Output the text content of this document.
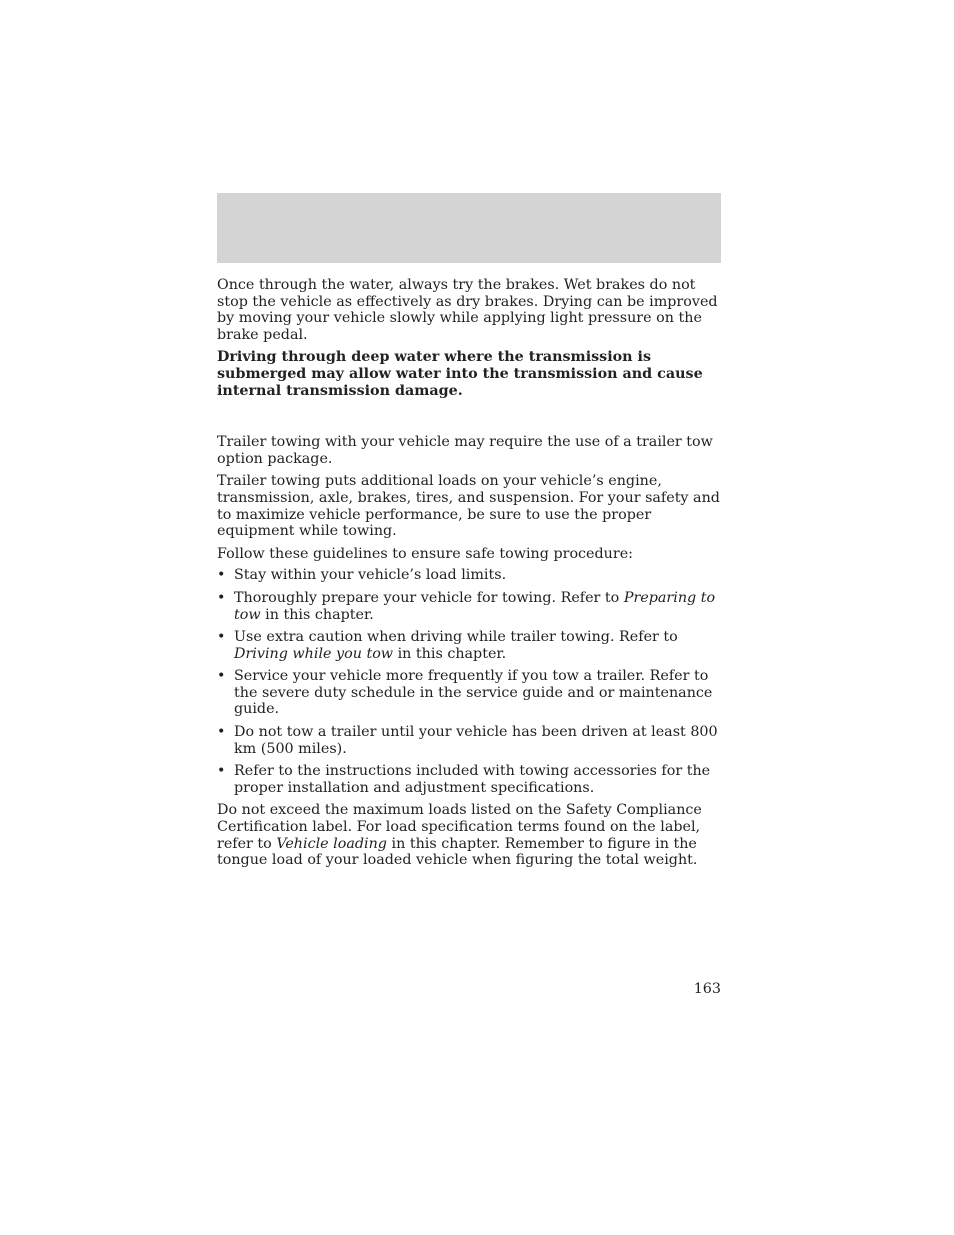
Once through the water, always try the brakes. Wet brakes do not stop the vehicle as effectively as dry brakes. Drying can be improved by moving your vehicle slowly while applying light pressure on the brake pedal.

Driving through deep water where the transmission is submerged may allow water into the transmission and cause internal transmission damage.

Trailer towing with your vehicle may require the use of a trailer tow option package.

Trailer towing puts additional loads on your vehicle’s engine, transmission, axle, brakes, tires, and suspension. For your safety and to maximize vehicle performance, be sure to use the proper equipment while towing.

Follow these guidelines to ensure safe towing procedure:

• Stay within your vehicle’s load limits.
• Thoroughly prepare your vehicle for towing. Refer to Preparing to tow in this chapter.
• Use extra caution when driving while trailer towing. Refer to Driving while you tow in this chapter.
• Service your vehicle more frequently if you tow a trailer. Refer to the severe duty schedule in the service guide and or maintenance guide.
• Do not tow a trailer until your vehicle has been driven at least 800 km (500 miles).
• Refer to the instructions included with towing accessories for the proper installation and adjustment specifications.

Do not exceed the maximum loads listed on the Safety Compliance Certification label. For load specification terms found on the label, refer to Vehicle loading in this chapter. Remember to figure in the tongue load of your loaded vehicle when figuring the total weight.

163
